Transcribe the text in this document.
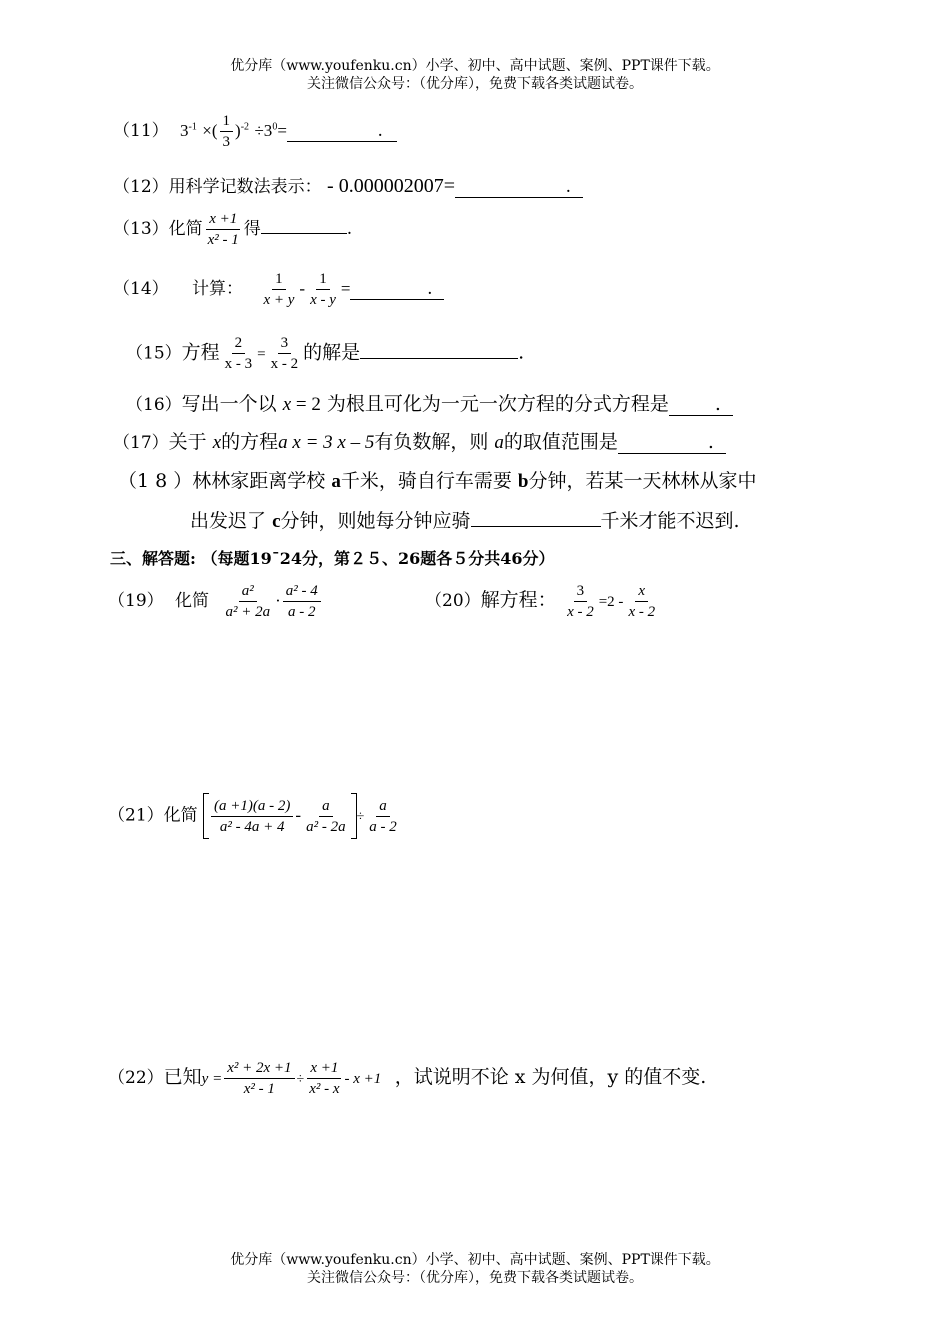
优分库（www.youfenku.cn）小学、初中、高中试题、案例、PPT课件下载。
关注微信公众号：（优分库），免费下载各类试题试卷。
（11） $3^{-1}$ ×( $\frac{1}{3} )^{-2} \div 3^0=$	.
（12）用科学记数法表示： - 0.000002007=	.
（13）化简 $\frac{x +1}{\text{x² - 1}}$ 得	.
（14） 计算： $\frac{1}{x + y} - \frac{1}{x - y}$ =	.
（15）方程 $\frac{2}{x - 3} = \frac{3}{x - 2}$ 的解是	.
（16）写出一个以 x = 2 为根且可化为一元一次方程的分式方程是 .
（17）关于 x的方程a x = 3 x – 5有负数解，则 a的取值范围是	.
（1 8 ）林林家距离学校 a千米，骑自行车需要 b分钟，若某一天林林从家中
出发迟了 c分钟，则她每分钟应骑	千米才能不迟到.
三、解答题: （每题19¯24分，第２５、26题各５分共46分）
（19） 化简 $\frac{\text{a²}}{\text{a² + 2a}} \cdot \frac{\text{a² - 4}}{a - 2}$	（20）解方程： $\frac{3}{x - 2} =2 - \frac{x}{x - 2}$
（21）化简 $\frac{(a +1)(a - 2)}{\text{a² - 4a + 4}} - \frac{a}{\text{a² - 2a}} \div \frac{a}{a - 2}$
（22）已知$y = \frac{\text{x² + 2x +1}}{\text{x² - 1}} \div \frac{x +1}{\text{x² - x}} - x +1$ ，试说明不论 x 为何值，y 的值不变.
优分库（www.youfenku.cn）小学、初中、高中试题、案例、PPT课件下载。
关注微信公众号：（优分库），免费下载各类试题试卷。
